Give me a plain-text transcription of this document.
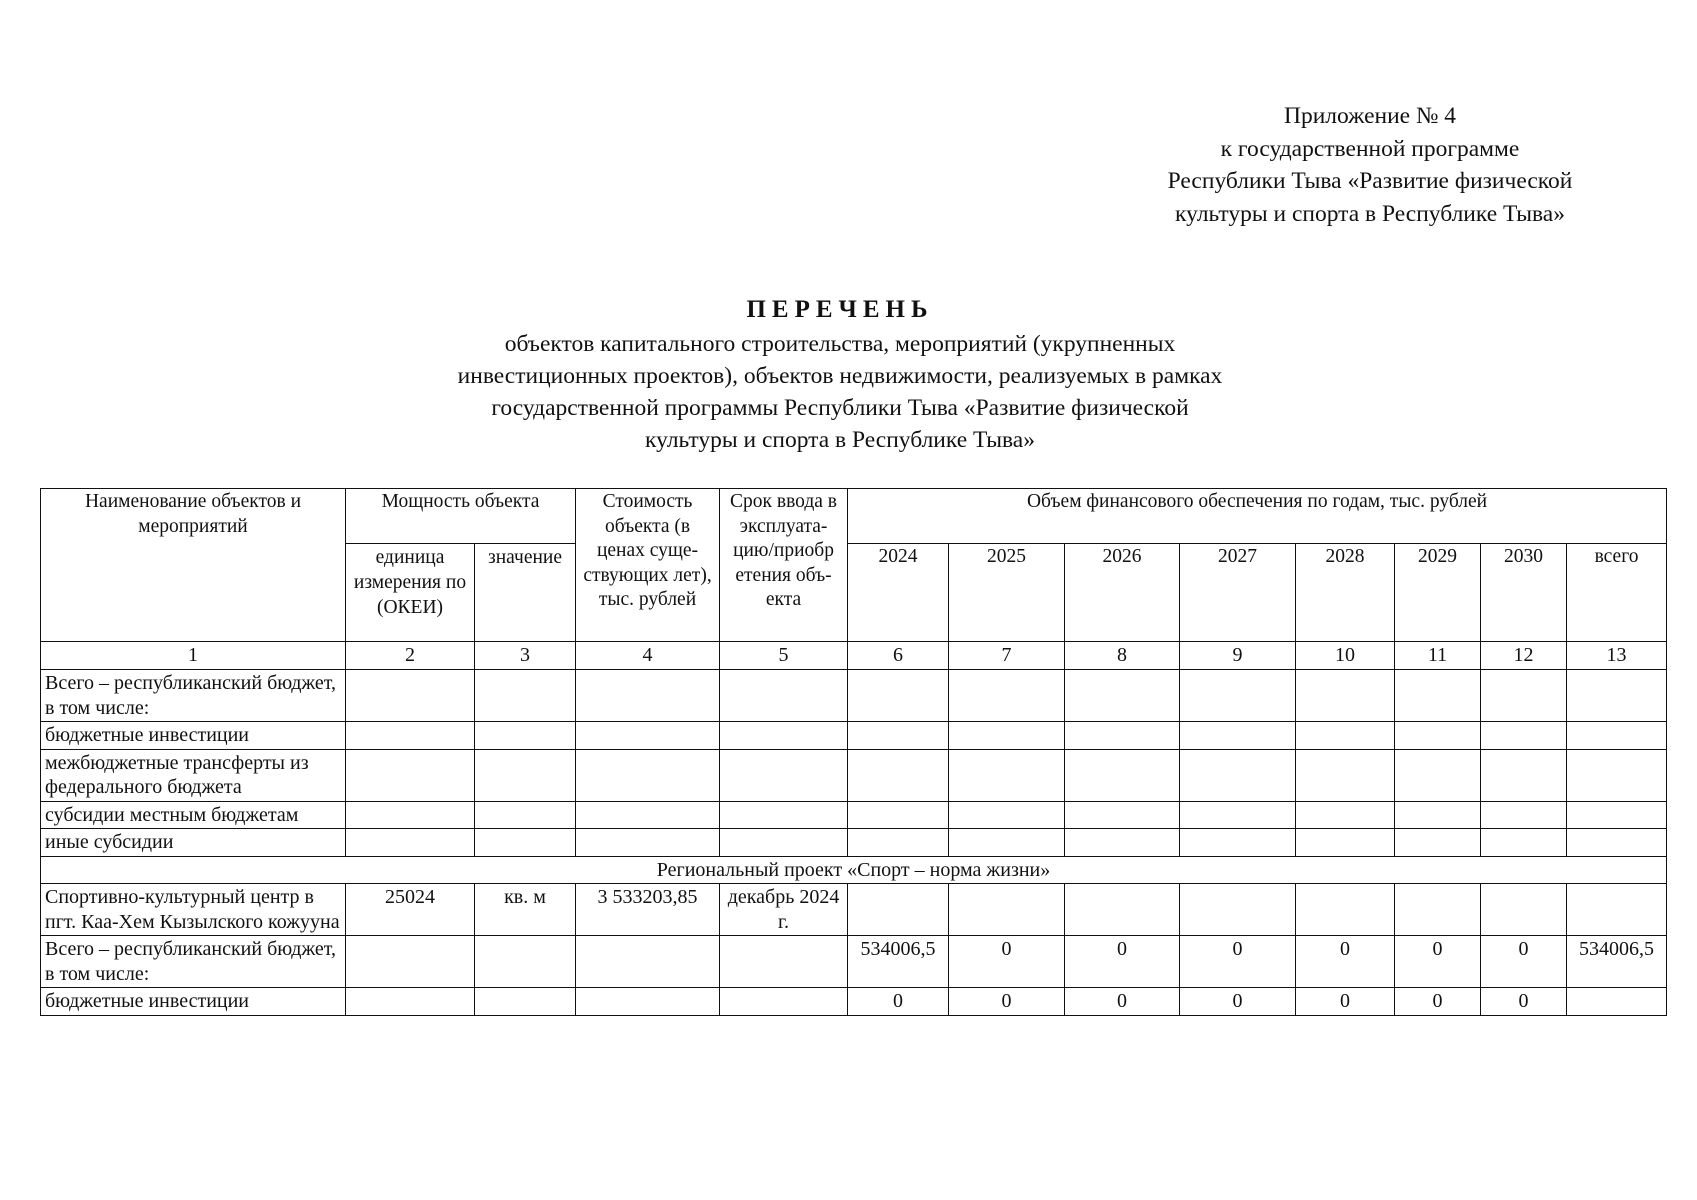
Приложение № 4
к государственной программе
Республики Тыва «Развитие физической
культуры и спорта в Республике Тыва»
ПЕРЕЧЕНЬ
объектов капитального строительства, мероприятий (укрупненных
инвестиционных проектов), объектов недвижимости, реализуемых в рамках
государственной программы Республики Тыва «Развитие физической
культуры и спорта в Республике Тыва»
Наименование объектов и мероприятий	Мощность объекта		Стоимость объекта (в ценах суще-ствующих лет), тыс. рублей	Срок ввода в эксплуата-цию/приобр етения объ-екта	Объем финансового обеспечения по годам, тыс. рублей							
	единица измерения по (ОКЕИ)	значение										
					2024	2025	2026	2027	2028	2029	2030	всего
1	2	3	4	5	6	7	8	9	10	11	12	13
Всего – республиканский бюджет, в том числе:												
бюджетные инвестиции												
межбюджетные трансферты из федерального бюджета												
субсидии местным бюджетам												
иные субсидии												
Региональный проект «Спорт – норма жизни»												
Спортивно-культурный центр в пгт. Каа-Хем Кызылского кожууна	25024	кв. м	3 533203,85	декабрь 2024 г.								
Всего – республиканский бюджет, в том числе:					534006,5	0	0	0	0	0	0	534006,5
бюджетные инвестиции					0	0	0	0	0	0	0	
